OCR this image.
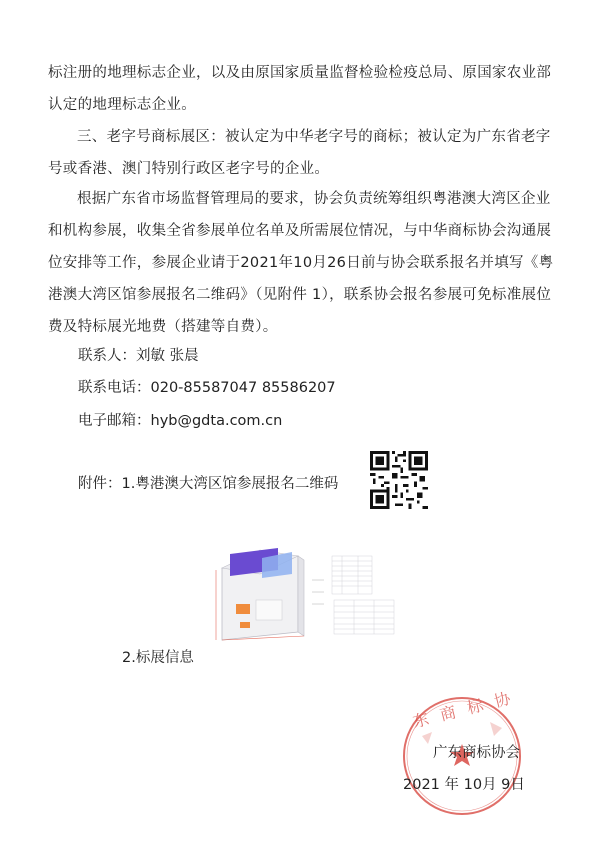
标注册的地理标志企业，以及由原国家质量监督检验检疫总局、原国家农业部认定的地理标志企业。
三、老字号商标展区：被认定为中华老字号的商标；被认定为广东省老字号或香港、澳门特别行政区老字号的企业。
根据广东省市场监督管理局的要求，协会负责统筹组织粤港澳大湾区企业和机构参展，收集全省参展单位名单及所需展位情况，与中华商标协会沟通展位安排等工作，参展企业请于2021年10月26日前与协会联系报名并填写《粤港澳大湾区馆参展报名二维码》（见附件 1），联系协会报名参展可免标准展位费及特标展光地费（搭建等自费）。
联系人：刘敏 张晨
联系电话：020-85587047 85586207
电子邮箱：hyb@gdta.com.cn
附件：1.粤港澳大湾区馆参展报名二维码
2.标展信息
东商标协
广东商标协会
2021 年 10月 9日
